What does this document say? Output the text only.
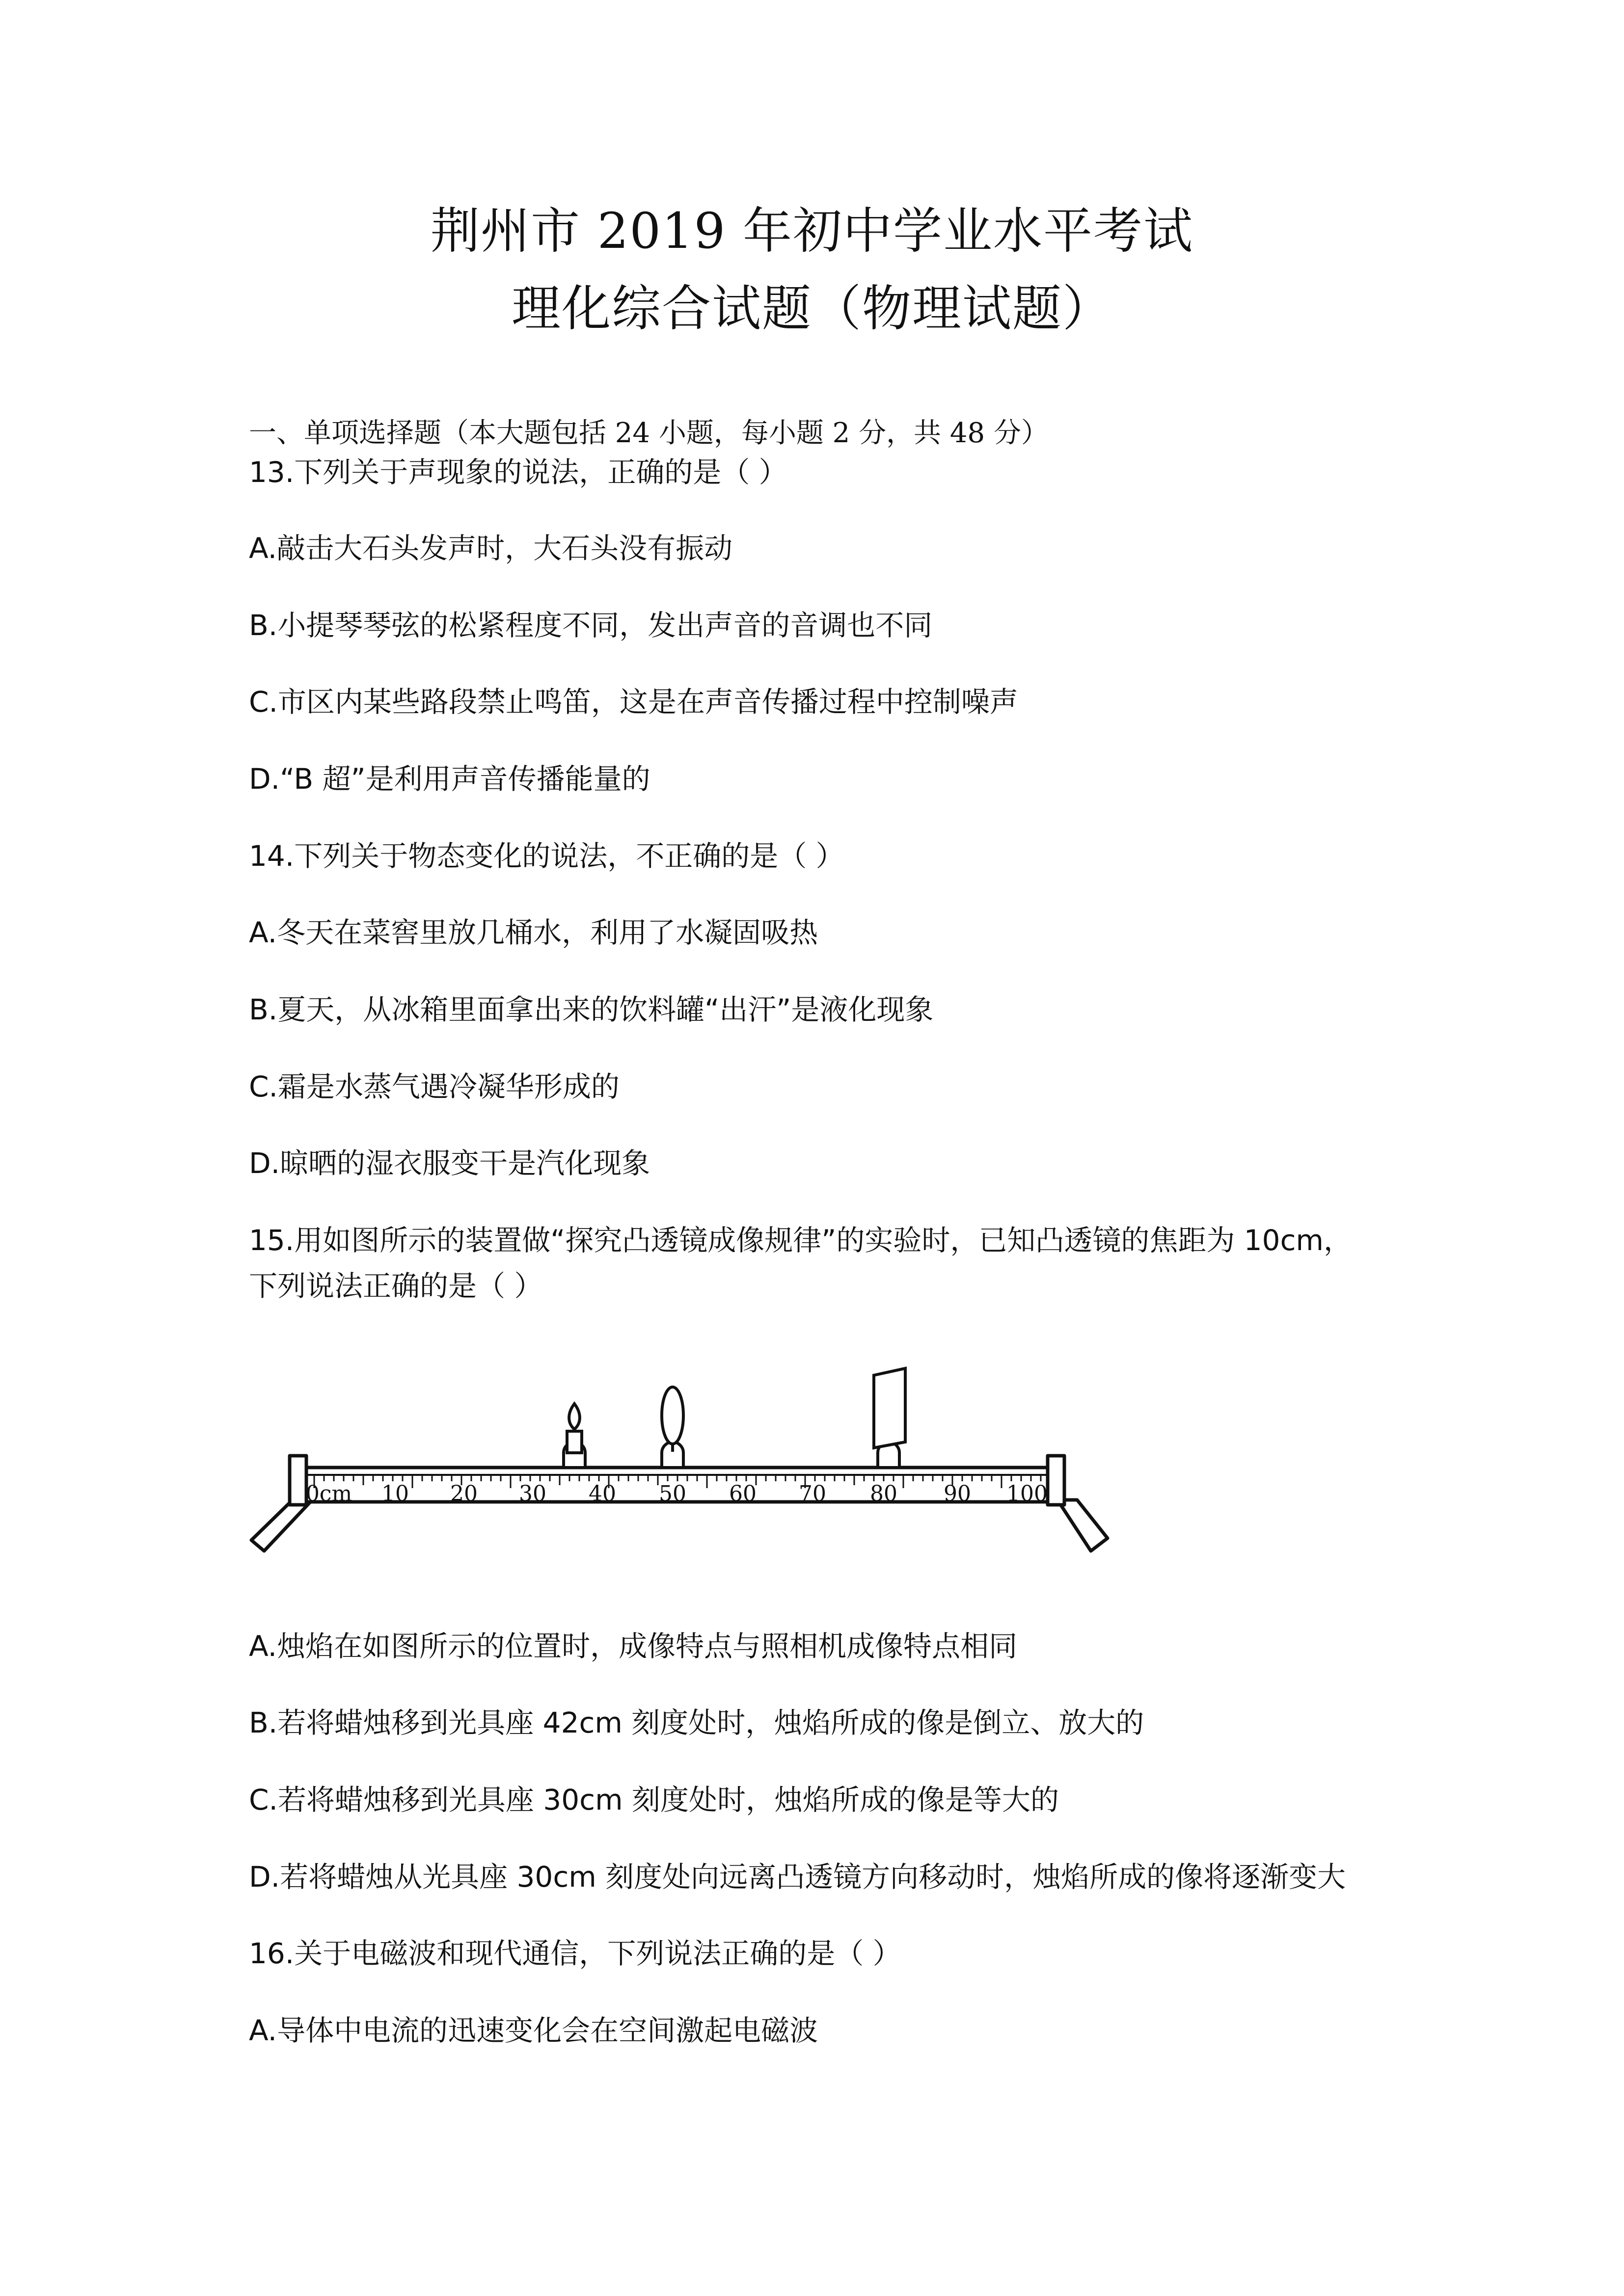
荆州市 2019 年初中学业水平考试
理化综合试题（物理试题）
一、单项选择题（本大题包括 24 小题，每小题 2 分，共 48 分）
13.下列关于声现象的说法，正确的是（ ）
A.敲击大石头发声时，大石头没有振动
B.小提琴琴弦的松紧程度不同，发出声音的音调也不同
C.市区内某些路段禁止鸣笛，这是在声音传播过程中控制噪声
D.“B 超”是利用声音传播能量的
14.下列关于物态变化的说法，不正确的是（ ）
A.冬天在菜窖里放几桶水，利用了水凝固吸热
B.夏天，从冰箱里面拿出来的饮料罐“出汗”是液化现象
C.霜是水蒸气遇冷凝华形成的
D.晾晒的湿衣服变干是汽化现象
15.用如图所示的装置做“探究凸透镜成像规律”的实验时，已知凸透镜的焦距为 10cm，
下列说法正确的是（ ）
0cm 10 20 30 40 50 60 70 80 90 100
A.烛焰在如图所示的位置时，成像特点与照相机成像特点相同
B.若将蜡烛移到光具座 42cm 刻度处时，烛焰所成的像是倒立、放大的
C.若将蜡烛移到光具座 30cm 刻度处时，烛焰所成的像是等大的
D.若将蜡烛从光具座 30cm 刻度处向远离凸透镜方向移动时，烛焰所成的像将逐渐变大
16.关于电磁波和现代通信，下列说法正确的是（ ）
A.导体中电流的迅速变化会在空间激起电磁波
